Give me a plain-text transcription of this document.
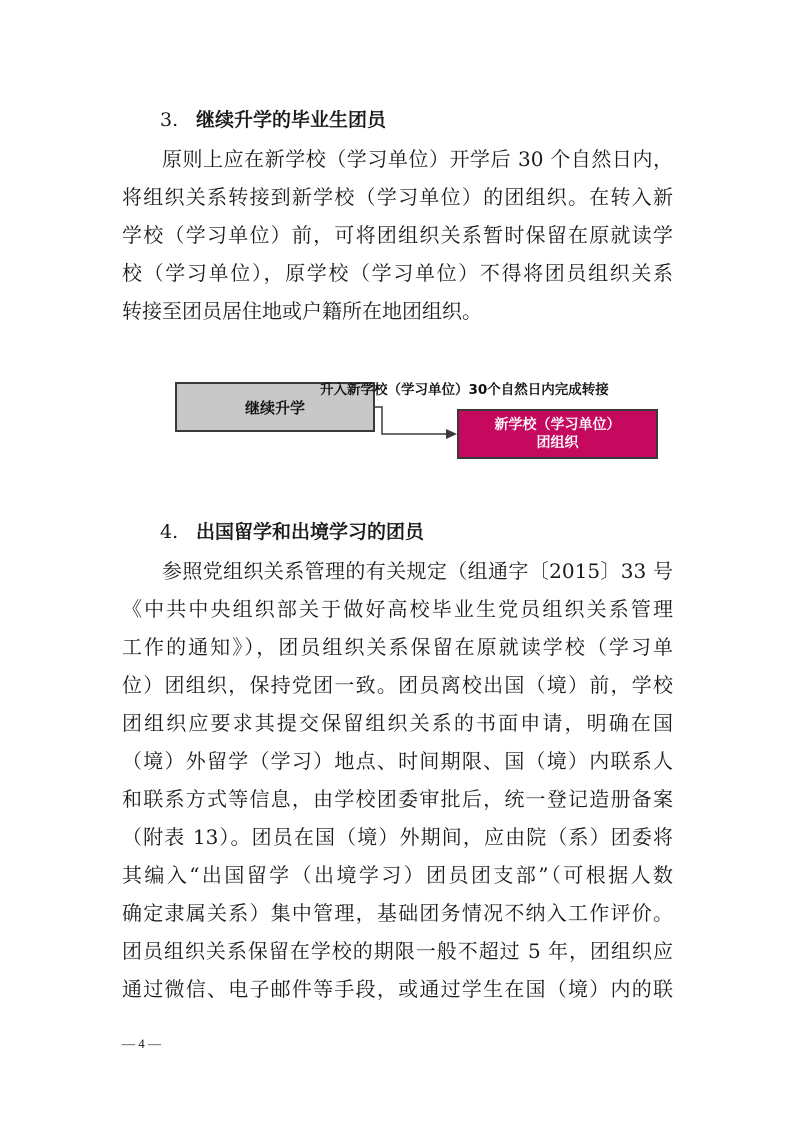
3. 继续升学的毕业生团员
原则上应在新学校（学习单位）开学后 30 个自然日内，
将组织关系转接到新学校（学习单位）的团组织。在转入新
学校（学习单位）前，可将团组织关系暂时保留在原就读学
校（学习单位），原学校（学习单位）不得将团员组织关系
转接至团员居住地或户籍所在地团组织。
继续升学
升入新学校（学习单位）30个自然日内完成转接
新学校（学习单位）
团组织
4. 出国留学和出境学习的团员
参照党组织关系管理的有关规定（组通字〔2015〕33 号
《中共中央组织部关于做好高校毕业生党员组织关系管理
工作的通知》），团员组织关系保留在原就读学校（学习单
位）团组织，保持党团一致。团员离校出国（境）前，学校
团组织应要求其提交保留组织关系的书面申请，明确在国
（境）外留学（学习）地点、时间期限、国（境）内联系人
和联系方式等信息，由学校团委审批后，统一登记造册备案
（附表 13）。团员在国（境）外期间，应由院（系）团委将
其编入“出国留学（出境学习）团员团支部”（可根据人数
确定隶属关系）集中管理，基础团务情况不纳入工作评价。
团员组织关系保留在学校的期限一般不超过 5 年，团组织应
通过微信、电子邮件等手段，或通过学生在国（境）内的联
— 4 —
